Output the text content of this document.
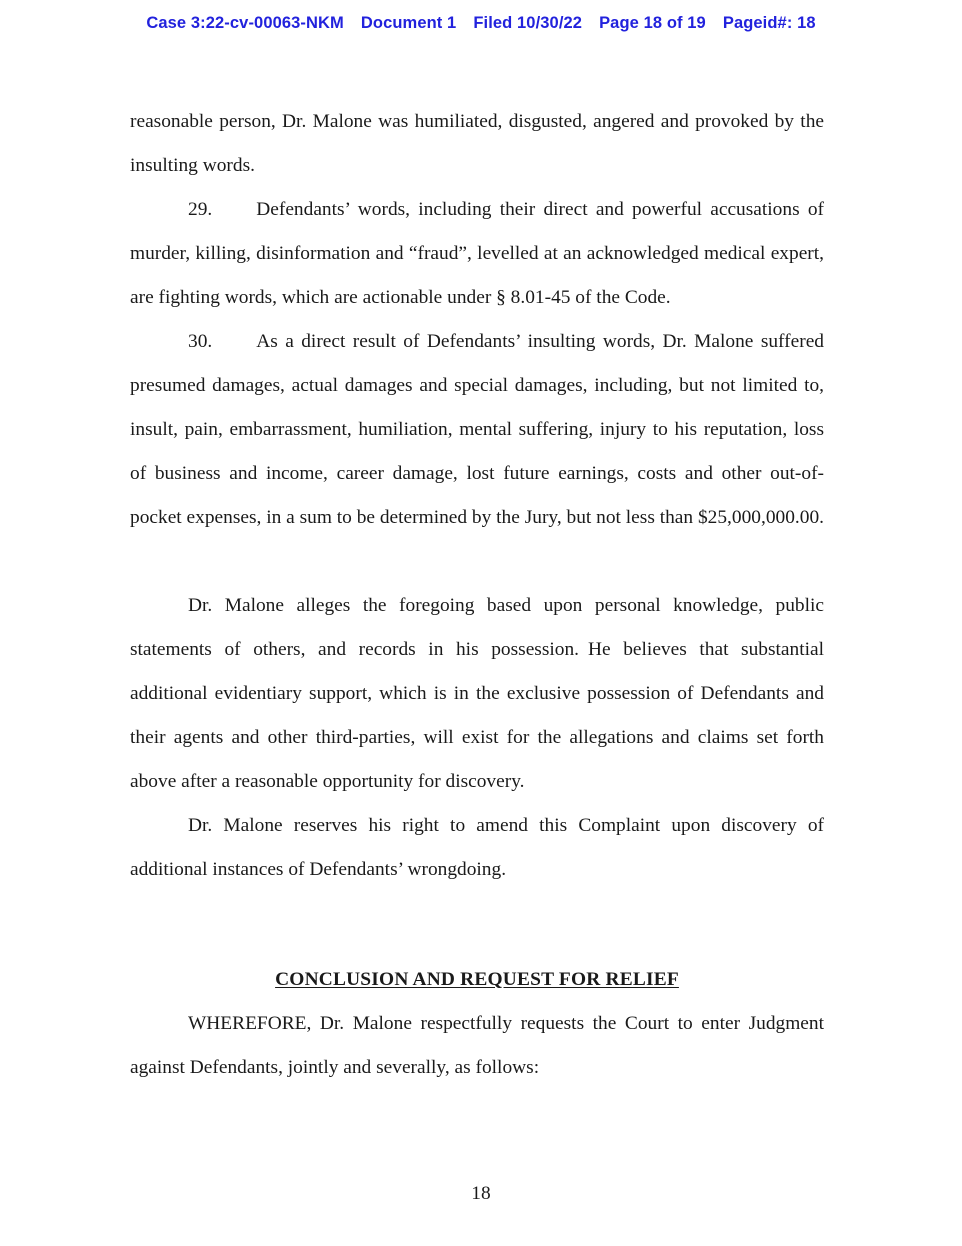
Case 3:22-cv-00063-NKM Document 1 Filed 10/30/22 Page 18 of 19 Pageid#: 18

reasonable person, Dr. Malone was humiliated, disgusted, angered and provoked by the insulting words.

29. Defendants’ words, including their direct and powerful accusations of murder, killing, disinformation and “fraud”, levelled at an acknowledged medical expert, are fighting words, which are actionable under § 8.01-45 of the Code.

30. As a direct result of Defendants’ insulting words, Dr. Malone suffered presumed damages, actual damages and special damages, including, but not limited to, insult, pain, embarrassment, humiliation, mental suffering, injury to his reputation, loss of business and income, career damage, lost future earnings, costs and other out-of-pocket expenses, in a sum to be determined by the Jury, but not less than $25,000,000.00.

Dr. Malone alleges the foregoing based upon personal knowledge, public statements of others, and records in his possession. He believes that substantial additional evidentiary support, which is in the exclusive possession of Defendants and their agents and other third-parties, will exist for the allegations and claims set forth above after a reasonable opportunity for discovery.

Dr. Malone reserves his right to amend this Complaint upon discovery of additional instances of Defendants’ wrongdoing.

CONCLUSION AND REQUEST FOR RELIEF

WHEREFORE, Dr. Malone respectfully requests the Court to enter Judgment against Defendants, jointly and severally, as follows:

18
